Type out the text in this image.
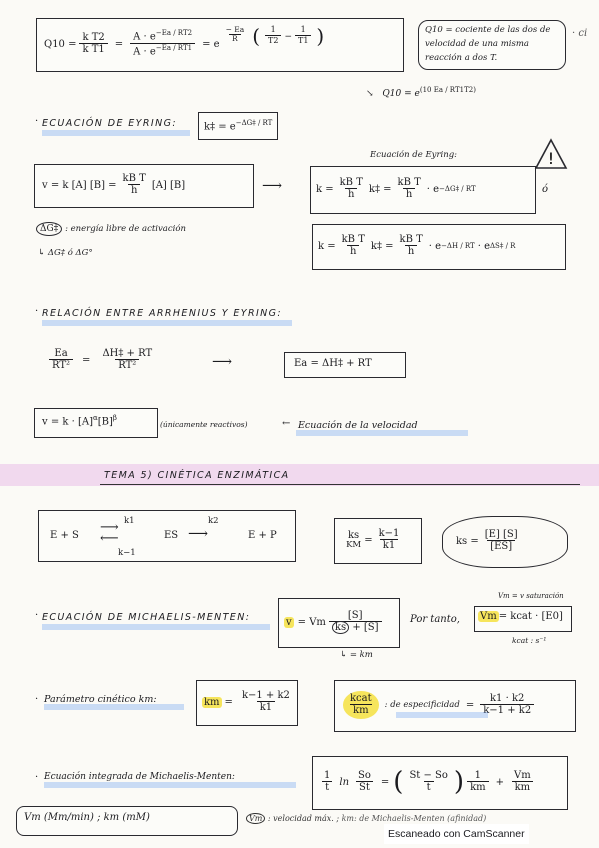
$Q10 = \frac{\text{k T2}}{\text{k T1}} = \frac{A \cdot e^{-Ea / RT2}}{A \cdot e^{-Ea / RT1}} = e$
$\frac{- Ea}{R}$ ( $\frac{1}{T2} - \frac{1}{T1}$ )	Q10 = cociente de las dos de velocidad de una misma reacción a dos T.
· ci
↘ $Q10 = e^{(10 Ea / RT1T2)}$
· ECUACIÓN DE EYRING:	k‡ = $e^{-\Delta G\ddagger / RT}$
Ecuación de Eyring:	!
v = k [A] $[B] = \frac{\text{kB T}}{h} [A]$ [B]	⟶	$k = \frac{\text{kB T}}{h}$ k‡ = $\frac{\text{kB T}}{h} \cdot e$ −ΔG‡ / RT	ó
ΔG‡ : energía libre de activación
↳ ΔG‡ ó ΔG°
$k = \frac{\text{kB T}}{h}$ k‡ = $\frac{\text{kB T}}{h} \cdot e -\Delta H$ / RT · e ΔS‡ / R
· RELACIÓN ENTRE ARRHENIUS Y EYRING:
$\frac{Ea}{\text{RT²}} = \frac{\Delta H\ddagger + RT}{\text{RT²}}$	⟶	Ea = ΔH‡ + RT
$v = k \cdot [A]^\alpha[B]^\beta$
(únicamente reactivos)	← Ecuación de la velocidad
TEMA 5) CINÉTICA ENZIMÁTICA
E + S
k1
⟶
⟵
k−1
ES
k2
⟶	E + P	ks
KM = $\frac{k-1}{k1}$	ks = $\frac{[E] [S]}{[ES]}$
· ECUACIÓN DE MICHAELIS-MENTEN:	v = Vm $\frac{[S]}{ks + [S]}$
↳ = km
Por tanto, Vm = kcat · [E0]
Vm = v saturación
kcat : s⁻¹
· Parámetro cinético km:	km = $\frac{k-1 + k2}{k1}$	$\frac{\text{kcat}}{km}$ : de especificidad = $\frac{k1 \cdot k2}{k-1 + k2}$
· Ecuación integrada de Michaelis-Menten:	$\frac{1}{t}$ $\ln \frac{So}{St}$ = ( $\frac{St - So}{t}$ ) $\frac{1}{km} + \frac{Vm}{km}$
Vm (Mm/min) ; km (mM)	Vm : velocidad máx. ; km: de Michaelis-Menten (afinidad)
Escaneado con CamScanner
